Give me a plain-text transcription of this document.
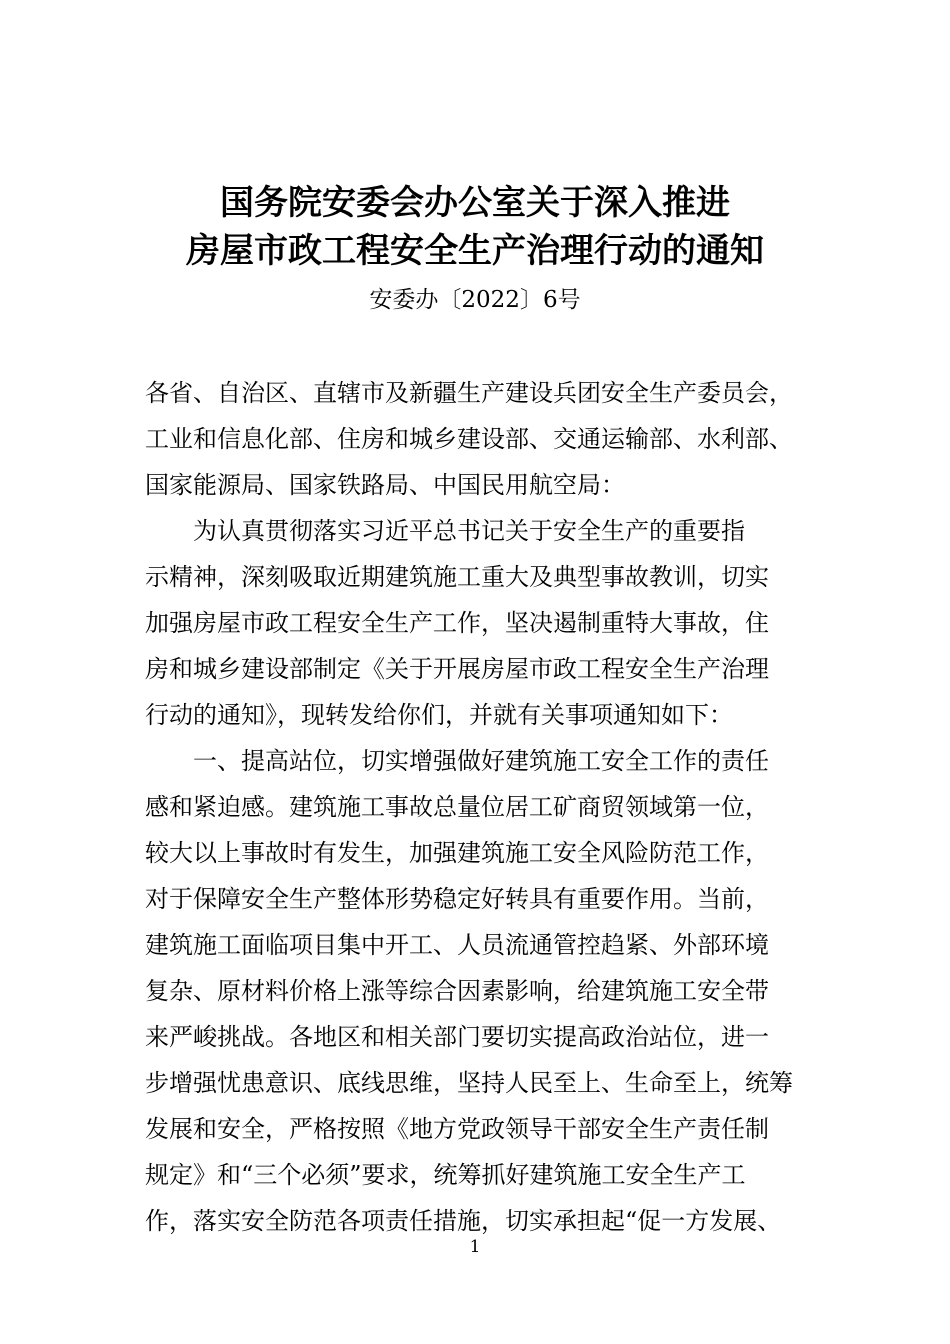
国务院安委会办公室关于深入推进
房屋市政工程安全生产治理行动的通知
安委办〔2022〕6号
各省、自治区、直辖市及新疆生产建设兵团安全生产委员会，
工业和信息化部、住房和城乡建设部、交通运输部、水利部、
国家能源局、国家铁路局、中国民用航空局：
为认真贯彻落实习近平总书记关于安全生产的重要指
示精神，深刻吸取近期建筑施工重大及典型事故教训，切实
加强房屋市政工程安全生产工作，坚决遏制重特大事故，住
房和城乡建设部制定《关于开展房屋市政工程安全生产治理
行动的通知》，现转发给你们，并就有关事项通知如下：
一、提高站位，切实增强做好建筑施工安全工作的责任
感和紧迫感。建筑施工事故总量位居工矿商贸领域第一位，
较大以上事故时有发生，加强建筑施工安全风险防范工作，
对于保障安全生产整体形势稳定好转具有重要作用。当前，
建筑施工面临项目集中开工、人员流通管控趋紧、外部环境
复杂、原材料价格上涨等综合因素影响，给建筑施工安全带
来严峻挑战。各地区和相关部门要切实提高政治站位，进一
步增强忧患意识、底线思维，坚持人民至上、生命至上，统筹
发展和安全，严格按照《地方党政领导干部安全生产责任制
规定》和“三个必须”要求，统筹抓好建筑施工安全生产工
作，落实安全防范各项责任措施，切实承担起“促一方发展、
1
